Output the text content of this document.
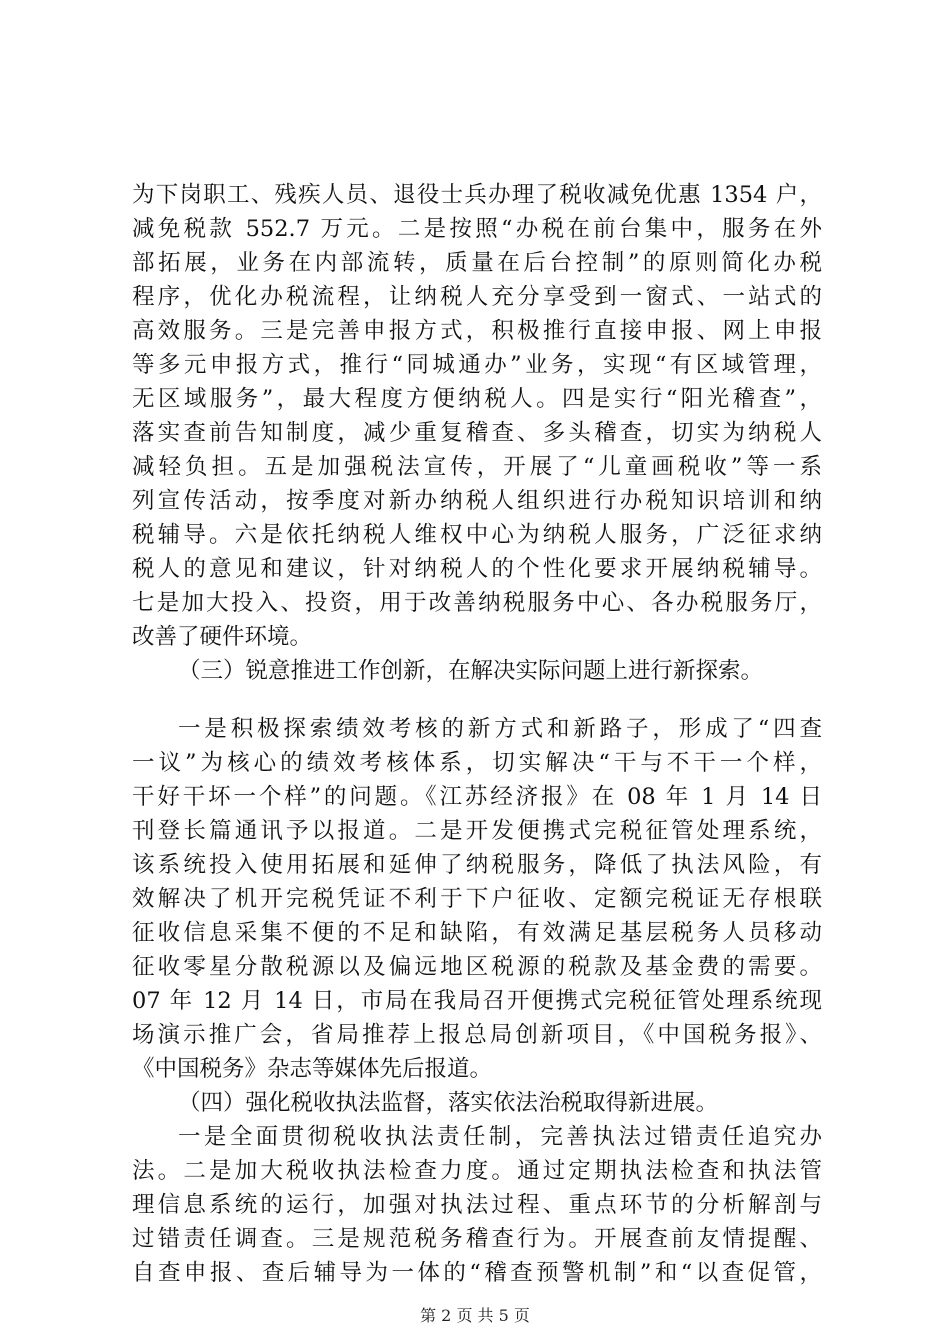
为下岗职工、残疾人员、退役士兵办理了税收减免优惠 1354 户，
减免税款 552.7 万元。二是按照“办税在前台集中，服务在外
部拓展，业务在内部流转，质量在后台控制”的原则简化办税
程序，优化办税流程，让纳税人充分享受到一窗式、一站式的
高效服务。三是完善申报方式，积极推行直接申报、网上申报
等多元申报方式，推行“同城通办”业务，实现“有区域管理，
无区域服务”，最大程度方便纳税人。四是实行“阳光稽查”，
落实查前告知制度，减少重复稽查、多头稽查，切实为纳税人
减轻负担。五是加强税法宣传，开展了“儿童画税收”等一系
列宣传活动，按季度对新办纳税人组织进行办税知识培训和纳
税辅导。六是依托纳税人维权中心为纳税人服务，广泛征求纳
税人的意见和建议，针对纳税人的个性化要求开展纳税辅导。
七是加大投入、投资，用于改善纳税服务中心、各办税服务厅，
改善了硬件环境。
（三）锐意推进工作创新，在解决实际问题上进行新探索。
一是积极探索绩效考核的新方式和新路子，形成了“四查
一议”为核心的绩效考核体系，切实解决“干与不干一个样，
干好干坏一个样”的问题。《江苏经济报》在 08 年 1 月 14 日
刊登长篇通讯予以报道。二是开发便携式完税征管处理系统，
该系统投入使用拓展和延伸了纳税服务，降低了执法风险，有
效解决了机开完税凭证不利于下户征收、定额完税证无存根联
征收信息采集不便的不足和缺陷，有效满足基层税务人员移动
征收零星分散税源以及偏远地区税源的税款及基金费的需要。
07 年 12 月 14 日，市局在我局召开便携式完税征管处理系统现
场演示推广会，省局推荐上报总局创新项目，《中国税务报》、
《中国税务》杂志等媒体先后报道。
（四）强化税收执法监督，落实依法治税取得新进展。
一是全面贯彻税收执法责任制，完善执法过错责任追究办
法。二是加大税收执法检查力度。通过定期执法检查和执法管
理信息系统的运行，加强对执法过程、重点环节的分析解剖与
过错责任调查。三是规范税务稽查行为。开展查前友情提醒、
自查申报、查后辅导为一体的“稽查预警机制”和“以查促管，
第 2 页 共 5 页
